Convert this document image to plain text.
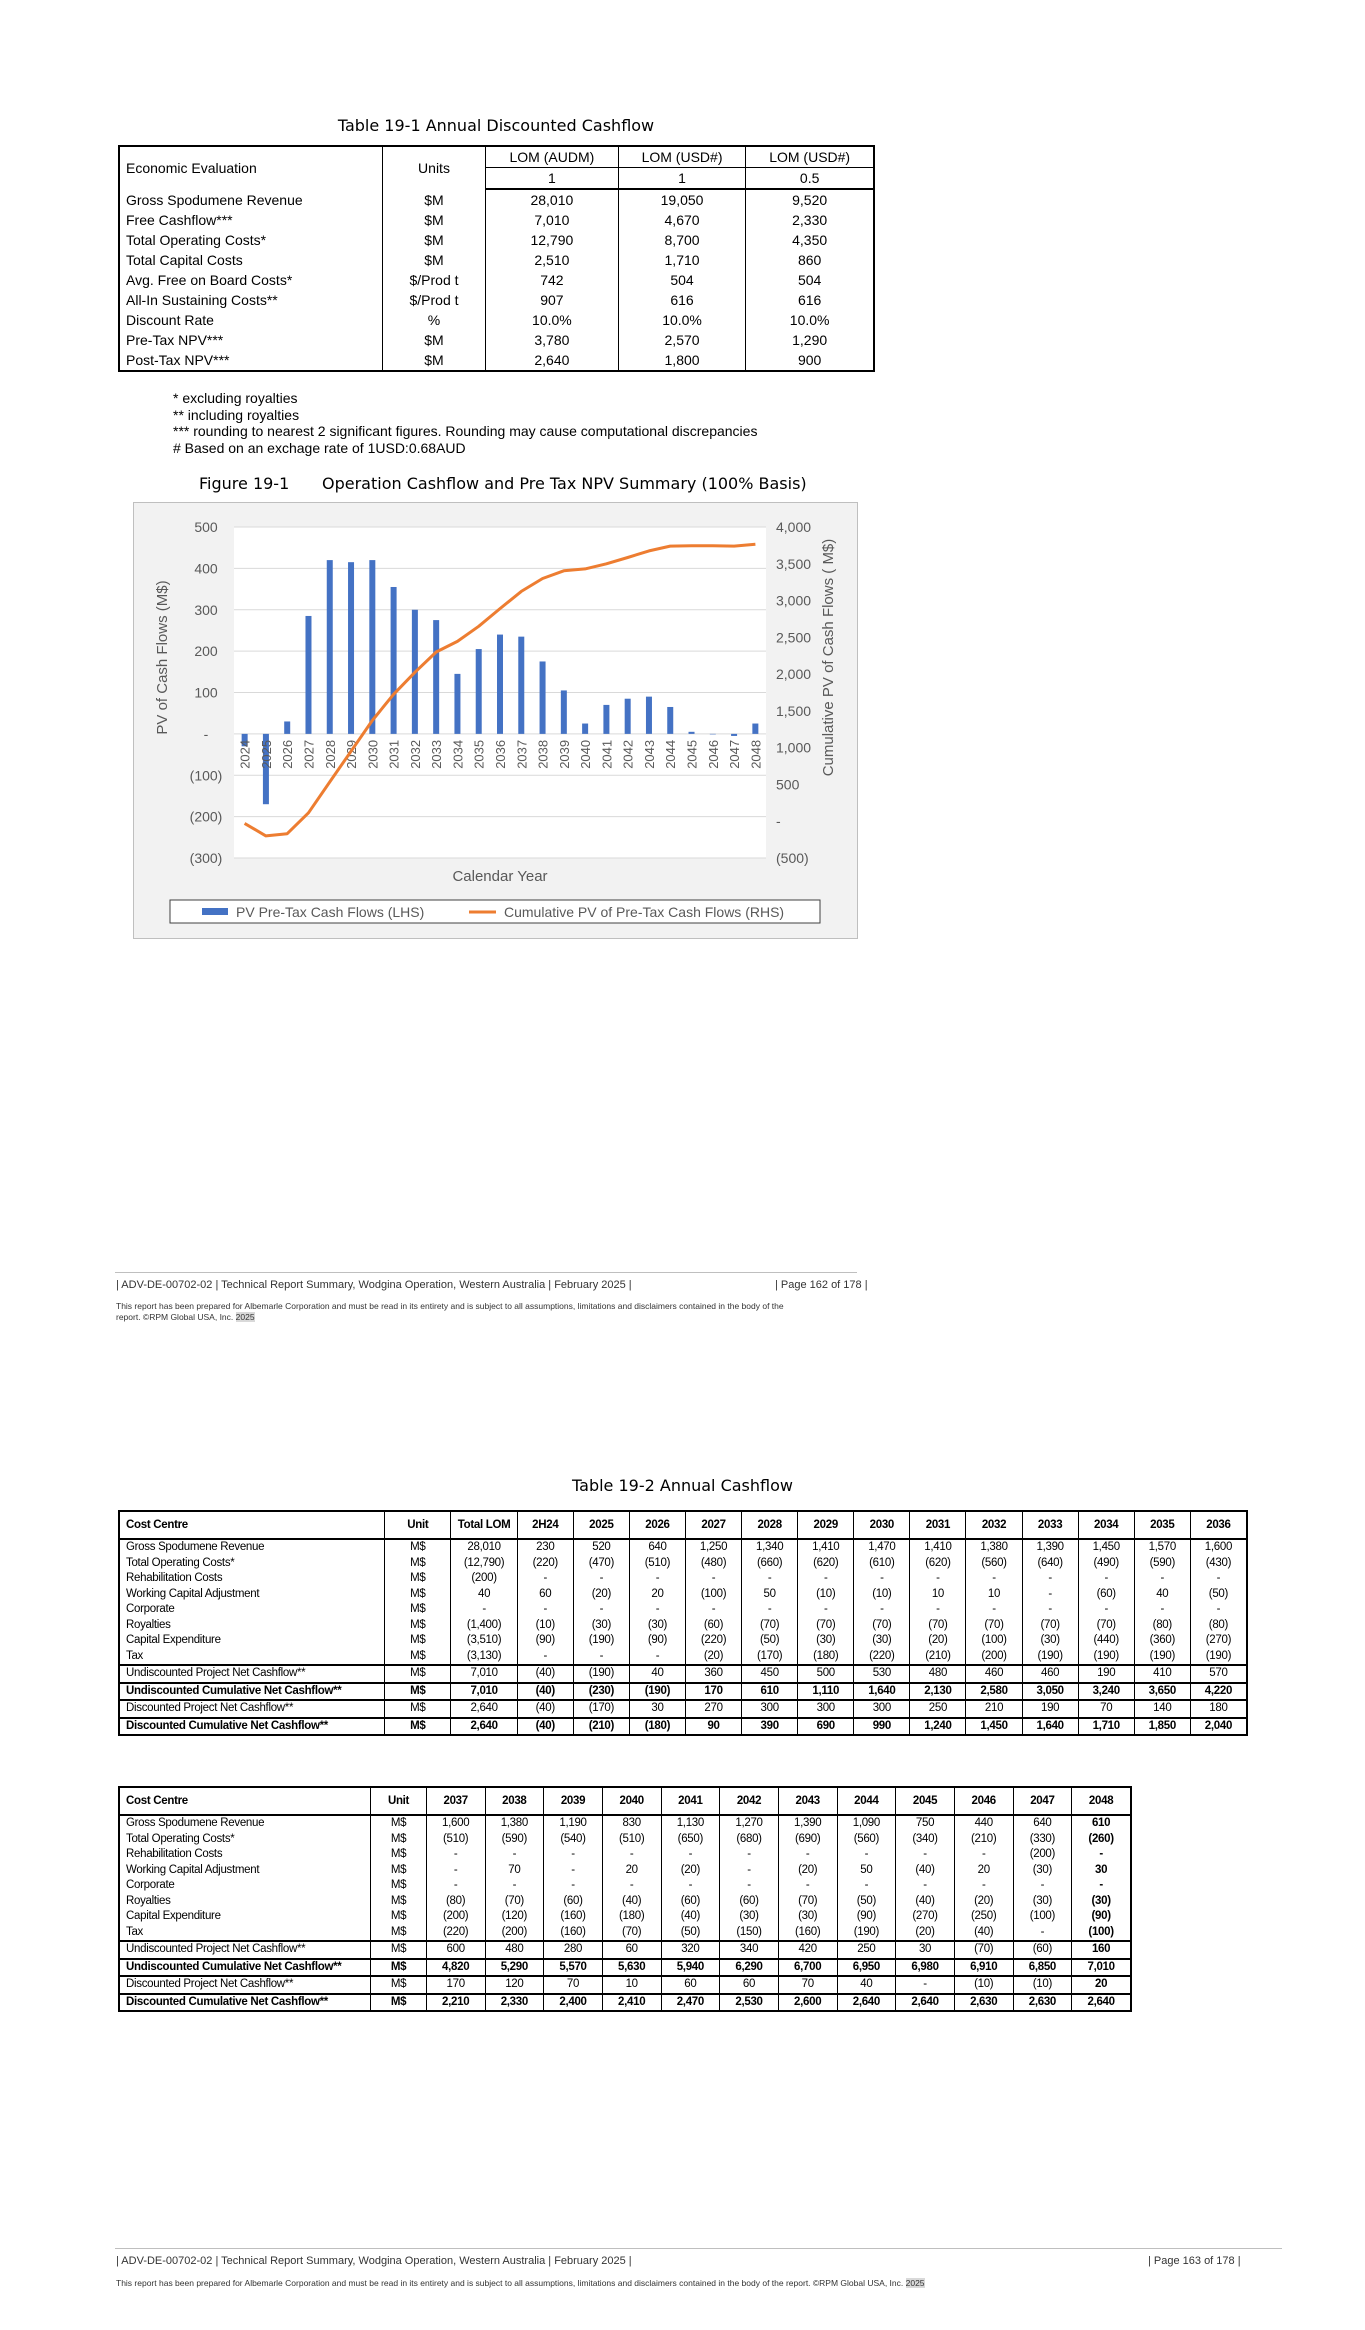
Table 19-1 Annual Discounted Cashflow
Economic Evaluation	Units	LOM (AUDM)	LOM (USD#)	LOM (USD#)
		1	1	0.5
Gross Spodumene Revenue	$M	28,010	19,050	9,520
Free Cashflow***	$M	7,010	4,670	2,330
Total Operating Costs*	$M	12,790	8,700	4,350
Total Capital Costs	$M	2,510	1,710	860
Avg. Free on Board Costs*	$/Prod t	742	504	504
All-In Sustaining Costs**	$/Prod t	907	616	616
Discount Rate	%	10.0%	10.0%	10.0%
Pre-Tax NPV***	$M	3,780	2,570	1,290
Post-Tax NPV***	$M	2,640	1,800	900
* excluding royalties
** including royalties
*** rounding to nearest 2 significant figures. Rounding may cause computational discrepancies
# Based on an exchage rate of 1USD:0.68AUD
Figure 19-1 Operation Cashflow and Pre Tax NPV Summary (100% Basis)
500
400
300
200
100
-
(100)
(200)
(300)
4,000
3,500
3,000
2,500
2,000
1,500
1,000
500
-
(500)
2024 2025 2026 2027 2028 2029 2030 2031 2032 2033 2034 2035 2036 2037 2038 2039 2040 2041 2042 2043 2044 2045 2046 2047 2048
Calendar Year
PV of Cash Flows (M$)	Cumulative PV of Cash Flows ( M$)
PV Pre-Tax Cash Flows (LHS)	Cumulative PV of Pre-Tax Cash Flows (RHS)
| ADV-DE-00702-02 | Technical Report Summary, Wodgina Operation, Western Australia | February 2025 |	| Page 162 of 178 |
This report has been prepared for Albemarle Corporation and must be read in its entirety and is subject to all assumptions, limitations and disclaimers contained in the body of the
report. ©RPM Global USA, Inc. 2025
Table 19-2 Annual Cashflow
Cost Centre	Unit	Total LOM	2H24	2025	2026	2027	2028	2029	2030	2031	2032	2033	2034	2035	2036
Gross Spodumene Revenue	M$	28,010	230	520	640	1,250	1,340	1,410	1,470	1,410	1,380	1,390	1,450	1,570	1,600
Total Operating Costs*	M$	(12,790)	(220)	(470)	(510)	(480)	(660)	(620)	(610)	(620)	(560)	(640)	(490)	(590)	(430)
Rehabilitation Costs	M$	(200)	-	-	-	-	-	-	-	-	-	-	-	-	-
Working Capital Adjustment	M$	40	60	(20)	20	(100)	50	(10)	(10)	10	10	-	(60)	40	(50)
Corporate	M$	-	-	-	-	-	-	-	-	-	-	-	-	-	-
Royalties	M$	(1,400)	(10)	(30)	(30)	(60)	(70)	(70)	(70)	(70)	(70)	(70)	(70)	(80)	(80)
Capital Expenditure	M$	(3,510)	(90)	(190)	(90)	(220)	(50)	(30)	(30)	(20)	(100)	(30)	(440)	(360)	(270)
Tax	M$	(3,130)	-	-	-	(20)	(170)	(180)	(220)	(210)	(200)	(190)	(190)	(190)	(190)
Undiscounted Project Net Cashflow**	M$	7,010	(40)	(190)	40	360	450	500	530	480	460	460	190	410	570
Undiscounted Cumulative Net Cashflow**	M$	7,010	(40)	(230)	(190)	170	610	1,110	1,640	2,130	2,580	3,050	3,240	3,650	4,220
Discounted Project Net Cashflow**	M$	2,640	(40)	(170)	30	270	300	300	300	250	210	190	70	140	180
Discounted Cumulative Net Cashflow**	M$	2,640	(40)	(210)	(180)	90	390	690	990	1,240	1,450	1,640	1,710	1,850	2,040
Cost Centre	Unit	2037	2038	2039	2040	2041	2042	2043	2044	2045	2046	2047	2048
Gross Spodumene Revenue	M$	1,600	1,380	1,190	830	1,130	1,270	1,390	1,090	750	440	640	610
Total Operating Costs*	M$	(510)	(590)	(540)	(510)	(650)	(680)	(690)	(560)	(340)	(210)	(330)	(260)
Rehabilitation Costs	M$	-	-	-	-	-	-	-	-	-	-	(200)	-
Working Capital Adjustment	M$	-	70	-	20	(20)	-	(20)	50	(40)	20	(30)	30
Corporate	M$	-	-	-	-	-	-	-	-	-	-	-	-
Royalties	M$	(80)	(70)	(60)	(40)	(60)	(60)	(70)	(50)	(40)	(20)	(30)	(30)
Capital Expenditure	M$	(200)	(120)	(160)	(180)	(40)	(30)	(30)	(90)	(270)	(250)	(100)	(90)
Tax	M$	(220)	(200)	(160)	(70)	(50)	(150)	(160)	(190)	(20)	(40)	-	(100)
Undiscounted Project Net Cashflow**	M$	600	480	280	60	320	340	420	250	30	(70)	(60)	160
Undiscounted Cumulative Net Cashflow**	M$	4,820	5,290	5,570	5,630	5,940	6,290	6,700	6,950	6,980	6,910	6,850	7,010
Discounted Project Net Cashflow**	M$	170	120	70	10	60	60	70	40	-	(10)	(10)	20
Discounted Cumulative Net Cashflow**	M$	2,210	2,330	2,400	2,410	2,470	2,530	2,600	2,640	2,640	2,630	2,630	2,640
| ADV-DE-00702-02 | Technical Report Summary, Wodgina Operation, Western Australia | February 2025 |	| Page 163 of 178 |
This report has been prepared for Albemarle Corporation and must be read in its entirety and is subject to all assumptions, limitations and disclaimers contained in the body of the report. ©RPM Global USA, Inc. 2025
